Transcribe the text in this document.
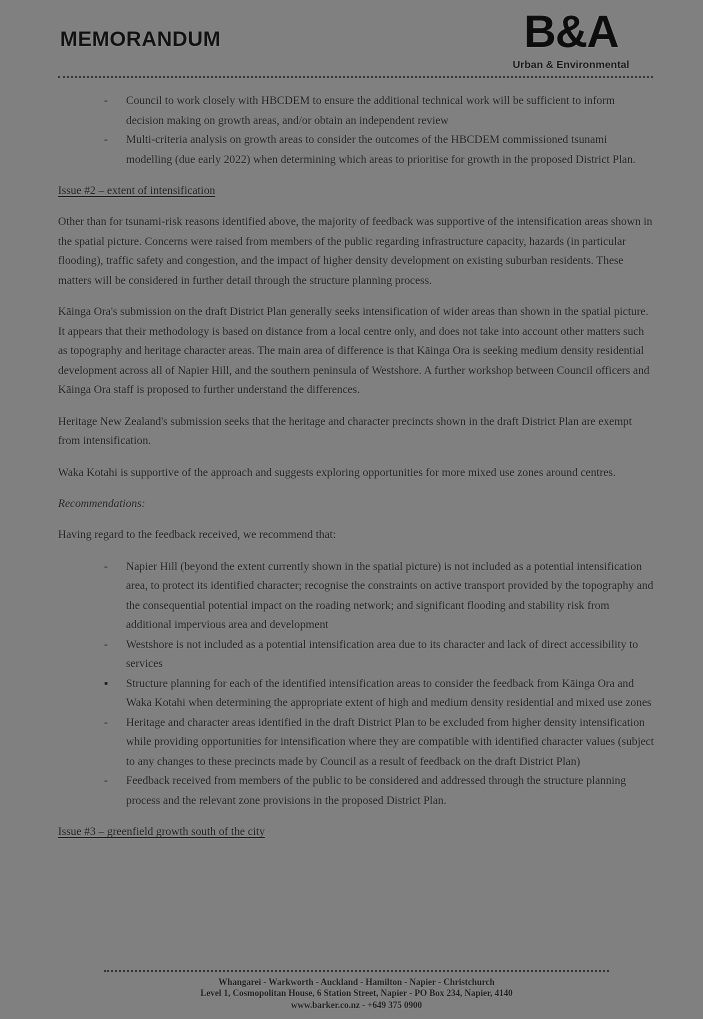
MEMORANDUM	B&A
Urban & Environmental
-	Council to work closely with HBCDEM to ensure the additional technical work will be sufficient to inform decision making on growth areas, and/or obtain an independent review
-	Multi-criteria analysis on growth areas to consider the outcomes of the HBCDEM commissioned tsunami modelling (due early 2022) when determining which areas to prioritise for growth in the proposed District Plan.
Issue #2 – extent of intensification

Other than for tsunami-risk reasons identified above, the majority of feedback was supportive of the intensification areas shown in the spatial picture. Concerns were raised from members of the public regarding infrastructure capacity, hazards (in particular flooding), traffic safety and congestion, and the impact of higher density development on existing suburban residents. These matters will be considered in further detail through the structure planning process.

Kāinga Ora's submission on the draft District Plan generally seeks intensification of wider areas than shown in the spatial picture. It appears that their methodology is based on distance from a local centre only, and does not take into account other matters such as topography and heritage character areas. The main area of difference is that Kāinga Ora is seeking medium density residential development across all of Napier Hill, and the southern peninsula of Westshore. A further workshop between Council officers and Kāinga Ora staff is proposed to further understand the differences.

Heritage New Zealand's submission seeks that the heritage and character precincts shown in the draft District Plan are exempt from intensification.

Waka Kotahi is supportive of the approach and suggests exploring opportunities for more mixed use zones around centres.

Recommendations:

Having regard to the feedback received, we recommend that:

-	Napier Hill (beyond the extent currently shown in the spatial picture) is not included as a potential intensification area, to protect its identified character; recognise the constraints on active transport provided by the topography and the consequential potential impact on the roading network; and significant flooding and stability risk from additional impervious area and development
-	Westshore is not included as a potential intensification area due to its character and lack of direct accessibility to services
▪	Structure planning for each of the identified intensification areas to consider the feedback from Kāinga Ora and Waka Kotahi when determining the appropriate extent of high and medium density residential and mixed use zones
-	Heritage and character areas identified in the draft District Plan to be excluded from higher density intensification while providing opportunities for intensification where they are compatible with identified character values (subject to any changes to these precincts made by Council as a result of feedback on the draft District Plan)
-	Feedback received from members of the public to be considered and addressed through the structure planning process and the relevant zone provisions in the proposed District Plan.
Issue #3 – greenfield growth south of the city
Whangarei - Warkworth - Auckland - Hamilton - Napier - Christchurch
Level 1, Cosmopolitan House, 6 Station Street, Napier - PO Box 234, Napier, 4140
www.barker.co.nz - +649 375 0900
